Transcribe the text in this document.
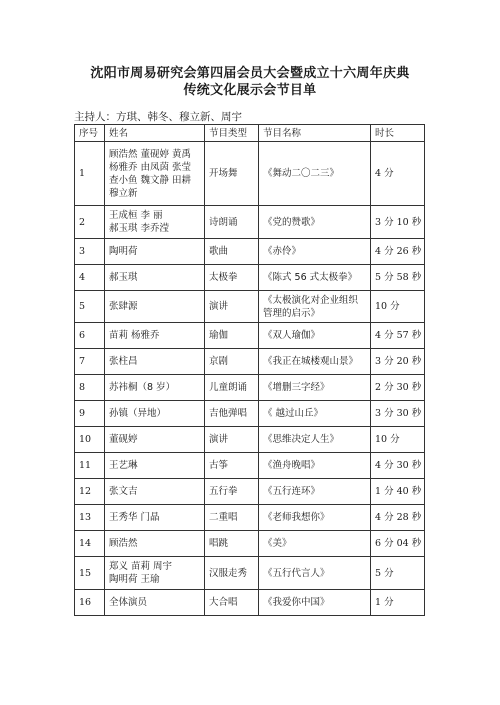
沈阳市周易研究会第四届会员大会暨成立十六周年庆典
传统文化展示会节目单
主持人：方琪、韩冬、穆立新、周宇
序号	姓名	节目类型	节目名称	时长
1	顾浩然 董砚婷 黄禹
杨雅乔 由凤茵 张莹
查小鱼 魏文静 田耕
穆立新	开场舞	《舞动二〇二三》	4 分
2	王成桓 李 丽
郝玉琪 李乔滢	诗朗诵	《党的赞歌》	3 分 10 秒
3	陶明荷	歌曲	《赤伶》	4 分 26 秒
4	郝玉琪	太极拳	《陈式 56 式太极拳》	5 分 58 秒
5	张肆源	演讲	《太极演化对企业组织
管理的启示》	10 分
6	苗莉 杨雅乔	瑜伽	《双人瑜伽》	4 分 57 秒
7	张柱昌	京剧	《我正在城楼观山景》	3 分 20 秒
8	苏祎桐（8 岁）	儿童朗诵	《增删三字经》	2 分 30 秒
9	孙镇（异地）	吉他弹唱	《 越过山丘》	3 分 30 秒
10	董砚婷	演讲	《思维决定人生》	10 分
11	王艺琳	古筝	《渔舟晚唱》	4 分 30 秒
12	张文吉	五行拳	《五行连环》	1 分 40 秒
13	王秀华 门晶	二重唱	《老师我想你》	4 分 28 秒
14	顾浩然	唱跳	《美》	6 分 04 秒
15	郑义 苗莉 周宇
陶明荷 王瑜	汉服走秀	《五行代言人》	5 分
16	全体演员	大合唱	《我爱你中国》	1 分
